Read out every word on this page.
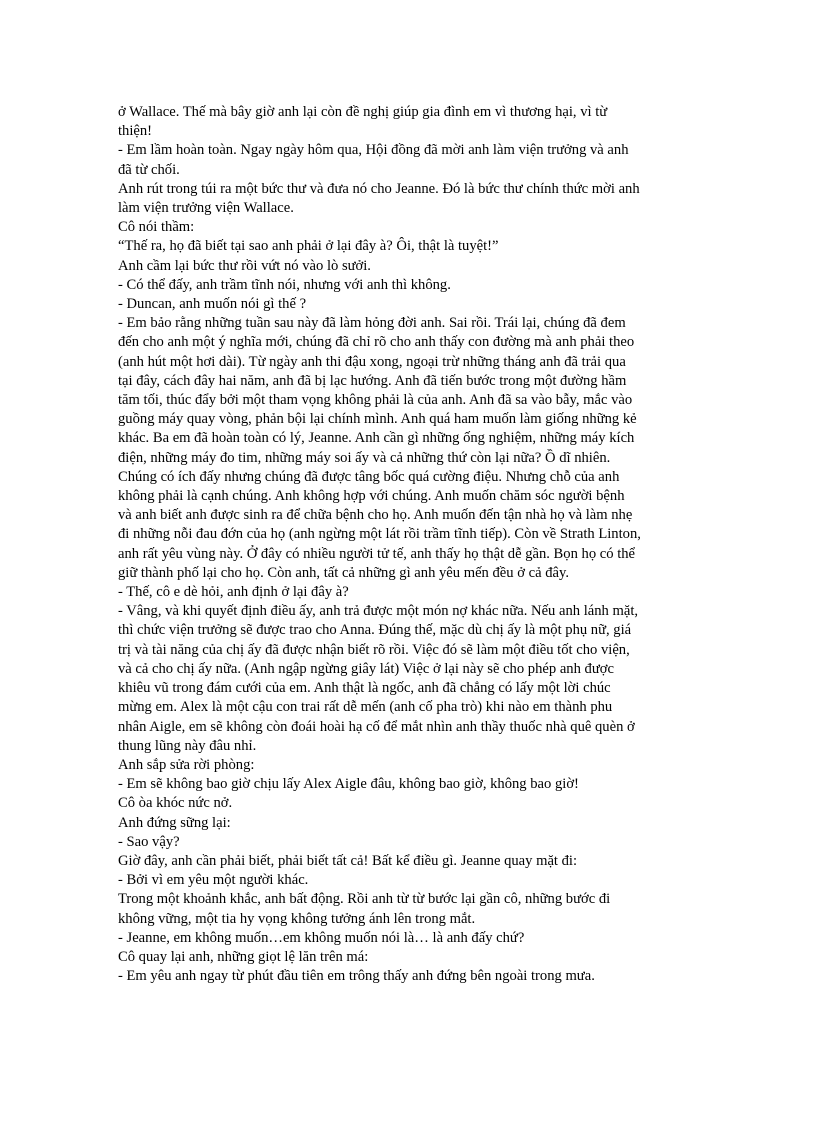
ở Wallace. Thế mà bây giờ anh lại còn đề nghị giúp gia đình em vì thương hại, vì từ
thiện!
- Em lầm hoàn toàn. Ngay ngày hôm qua, Hội đồng đã mời anh làm viện trưởng và anh
đã từ chối.
Anh rút trong túi ra một bức thư và đưa nó cho Jeanne. Đó là bức thư chính thức mời anh
làm viện trưởng viện Wallace.
Cô nói thầm:
“Thế ra, họ đã biết tại sao anh phải ở lại đây à? Ôi, thật là tuyệt!”
Anh cầm lại bức thư rồi vứt nó vào lò sưởi.
- Có thể đấy, anh trầm tĩnh nói, nhưng với anh thì không.
- Duncan, anh muốn nói gì thế ?
- Em bảo rằng những tuần sau này đã làm hỏng đời anh. Sai rồi. Trái lại, chúng đã đem
đến cho anh một ý nghĩa mới, chúng đã chỉ rõ cho anh thấy con đường mà anh phải theo
(anh hút một hơi dài). Từ ngày anh thi đậu xong, ngoại trừ những tháng anh đã trải qua
tại đây, cách đây hai năm, anh đã bị lạc hướng. Anh đã tiến bước trong một đường hầm
tăm tối, thúc đẩy bởi một tham vọng không phải là của anh. Anh đã sa vào bẫy, mắc vào
guồng máy quay vòng, phản bội lại chính mình. Anh quá ham muốn làm giống những kẻ
khác. Ba em đã hoàn toàn có lý, Jeanne. Anh cần gì những ống nghiệm, những máy kích
điện, những máy đo tim, những máy soi ấy và cả những thứ còn lại nữa? Ồ dĩ nhiên.
Chúng có ích đấy nhưng chúng đã được tâng bốc quá cường điệu. Nhưng chỗ của anh
không phải là cạnh chúng. Anh không hợp với chúng. Anh muốn chăm sóc người bệnh
và anh biết anh được sinh ra để chữa bệnh cho họ. Anh muốn đến tận nhà họ và làm nhẹ
đi những nỗi đau đớn của họ (anh ngừng một lát rồi trầm tĩnh tiếp). Còn về Strath Linton,
anh rất yêu vùng này. Ở đây có nhiều người tử tế, anh thấy họ thật dễ gần. Bọn họ có thể
giữ thành phố lại cho họ. Còn anh, tất cả những gì anh yêu mến đều ở cả đây.
- Thế, cô e dè hỏi, anh định ở lại đây à?
- Vâng, và khi quyết định điều ấy, anh trả được một món nợ khác nữa. Nếu anh lánh mặt,
thì chức viện trưởng sẽ được trao cho Anna. Đúng thế, mặc dù chị ấy là một phụ nữ, giá
trị và tài năng của chị ấy đã được nhận biết rõ rồi. Việc đó sẽ làm một điều tốt cho viện,
và cả cho chị ấy nữa. (Anh ngập ngừng giây lát) Việc ở lại này sẽ cho phép anh được
khiêu vũ trong đám cưới của em. Anh thật là ngốc, anh đã chẳng có lấy một lời chúc
mừng em. Alex là một cậu con trai rất dễ mến (anh cố pha trò) khi nào em thành phu
nhân Aigle, em sẽ không còn đoái hoài hạ cố để mắt nhìn anh thầy thuốc nhà quê quèn ở
thung lũng này đâu nhỉ.
Anh sắp sửa rời phòng:
- Em sẽ không bao giờ chịu lấy Alex Aigle đâu, không bao giờ, không bao giờ!
Cô òa khóc nức nở.
Anh đứng sững lại:
- Sao vậy?
Giờ đây, anh cần phải biết, phải biết tất cả! Bất kể điều gì. Jeanne quay mặt đi:
- Bởi vì em yêu một người khác.
Trong một khoảnh khắc, anh bất động. Rồi anh từ từ bước lại gần cô, những bước đi
không vững, một tia hy vọng không tưởng ánh lên trong mắt.
- Jeanne, em không muốn…em không muốn nói là… là anh đấy chứ?
Cô quay lại anh, những giọt lệ lăn trên má:
- Em yêu anh ngay từ phút đầu tiên em trông thấy anh đứng bên ngoài trong mưa.
